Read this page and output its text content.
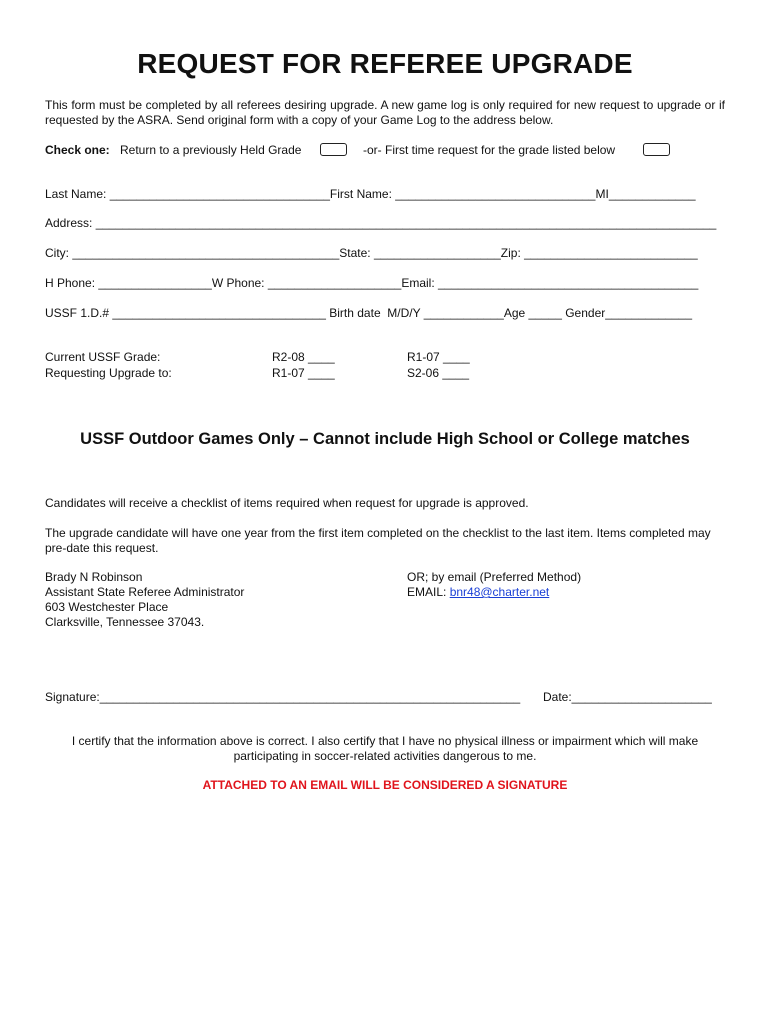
REQUEST FOR REFEREE UPGRADE

This form must be completed by all referees desiring upgrade. A new game log is only required for new request to upgrade or if requested by the ASRA. Send original form with a copy of your Game Log to the address below.

Check one: Return to a previously Held Grade	-or- First time request for the grade listed below
Last Name: _________________________________First Name: ______________________________MI_____________
Address: _____________________________________________________________________________________________
City: ________________________________________State: ___________________Zip: __________________________
H Phone: _________________W Phone: ____________________Email: _______________________________________
USSF 1.D.# ________________________________ Birth date  M/D/Y ____________Age _____ Gender_____________
Current USSF Grade:
Requesting Upgrade to:
R2-08 ____
R1-07 ____
R1-07 ____
S2-06 ____
USSF Outdoor Games Only – Cannot include High School or College matches

Candidates will receive a checklist of items required when request for upgrade is approved.

The upgrade candidate will have one year from the first item completed on the checklist to the last item. Items completed may pre-date this request.

Brady N Robinson
Assistant State Referee Administrator
603 Westchester Place
Clarksville, Tennessee 37043.
OR; by email (Preferred Method)
EMAIL: bnr48@charter.net
Signature:_______________________________________________________________ Date:_____________________

I certify that the information above is correct. I also certify that I have no physical illness or impairment which will make participating in soccer-related activities dangerous to me.

ATTACHED TO AN EMAIL WILL BE CONSIDERED A SIGNATURE
